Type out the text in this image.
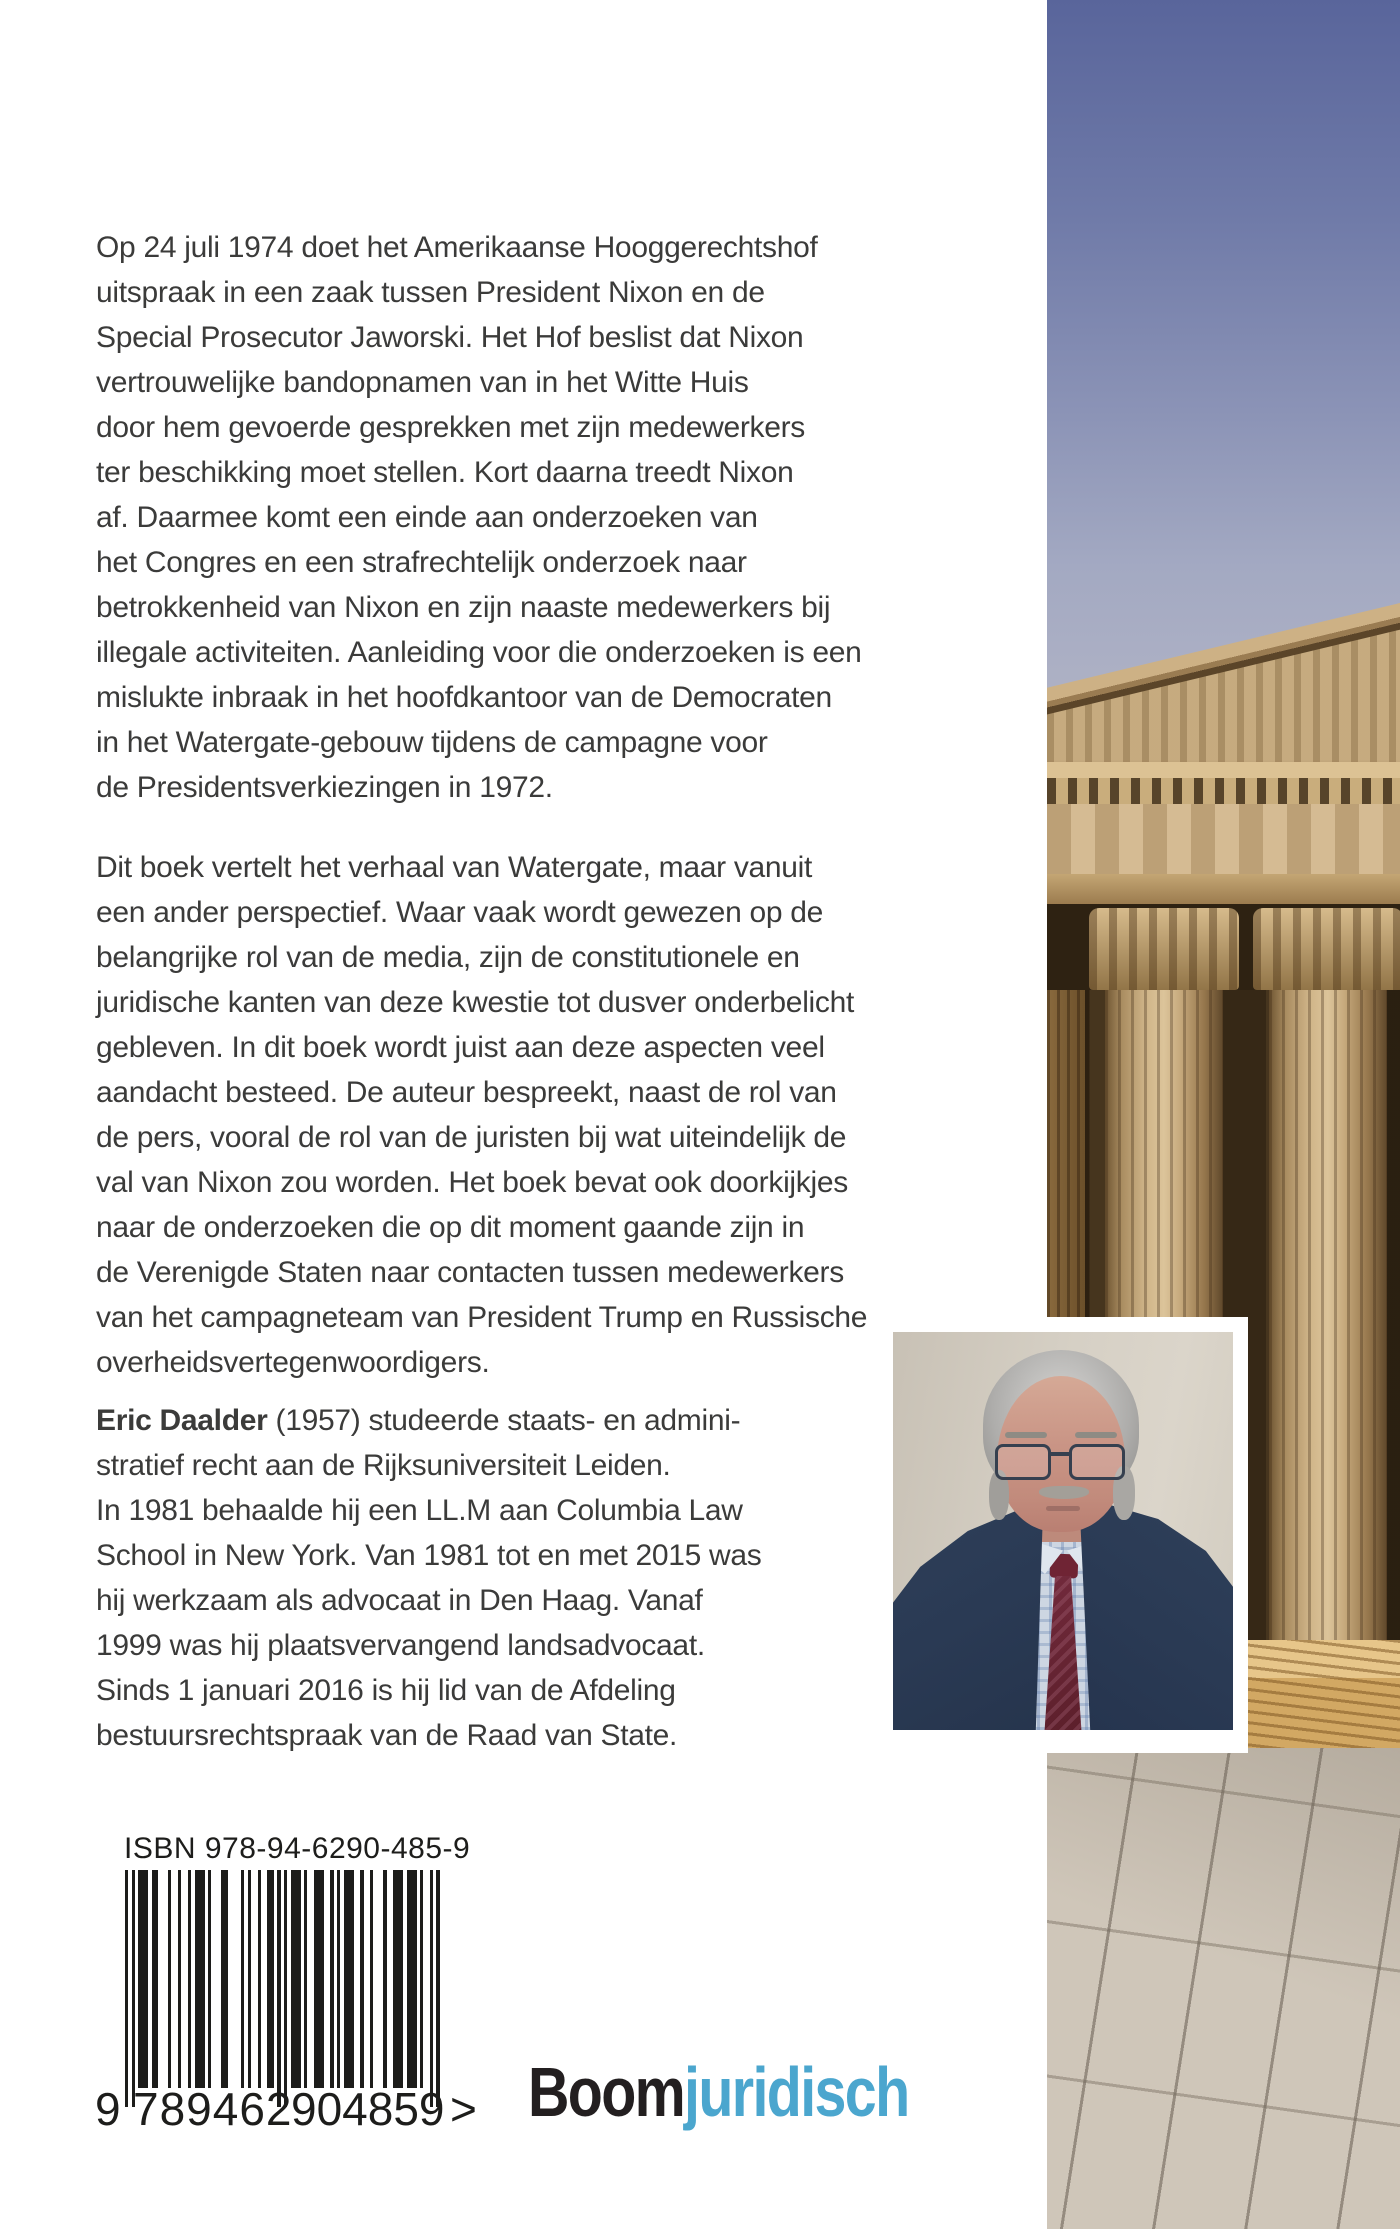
Op 24 juli 1974 doet het Amerikaanse Hooggerechtshof
uitspraak in een zaak tussen President Nixon en de
Special Prosecutor Jaworski. Het Hof beslist dat Nixon
vertrouwelijke bandopnamen van in het Witte Huis
door hem gevoerde gesprekken met zijn medewerkers
ter beschikking moet stellen. Kort daarna treedt Nixon
af. Daarmee komt een einde aan onderzoeken van
het Congres en een strafrechtelijk onderzoek naar
betrokkenheid van Nixon en zijn naaste medewerkers bij
illegale activiteiten. Aanleiding voor die onderzoeken is een
mislukte inbraak in het hoofdkantoor van de Democraten
in het Watergate-gebouw tijdens de campagne voor
de Presidentsverkiezingen in 1972.
Dit boek vertelt het verhaal van Watergate, maar vanuit
een ander perspectief. Waar vaak wordt gewezen op de
belangrijke rol van de media, zijn de constitutionele en
juridische kanten van deze kwestie tot dusver onderbelicht
gebleven. In dit boek wordt juist aan deze aspecten veel
aandacht besteed. De auteur bespreekt, naast de rol van
de pers, vooral de rol van de juristen bij wat uiteindelijk de
val van Nixon zou worden. Het boek bevat ook doorkijkjes
naar de onderzoeken die op dit moment gaande zijn in
de Verenigde Staten naar contacten tussen medewerkers
van het campagneteam van President Trump en Russische
overheidsvertegenwoordigers.
Eric Daalder (1957) studeerde staats- en admini-
stratief recht aan de Rijksuniversiteit Leiden.
In 1981 behaalde hij een LL.M aan Columbia Law
School in New York. Van 1981 tot en met 2015 was
hij werkzaam als advocaat in Den Haag. Vanaf
1999 was hij plaatsvervangend landsadvocaat.
Sinds 1 januari 2016 is hij lid van de Afdeling
bestuursrechtspraak van de Raad van State.
ISBN 978-94-6290-485-9
9 789462
904859 > Boomjuridisch
